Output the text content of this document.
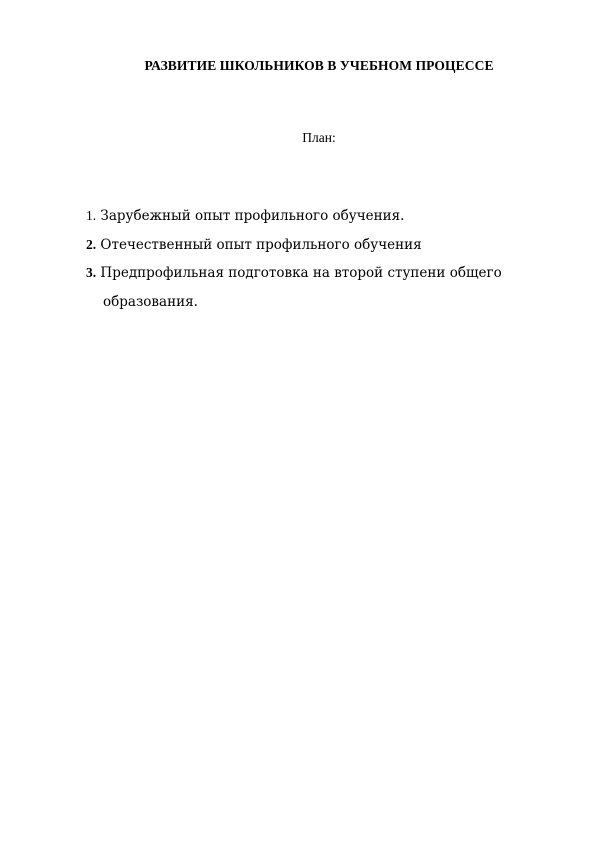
РАЗВИТИЕ ШКОЛЬНИКОВ В УЧЕБНОМ ПРОЦЕССЕ
План:
1. Зарубежный опыт профильного обучения.
2. Отечественный опыт профильного обучения
3. Предпрофильная подготовка на второй ступени общего образования.
